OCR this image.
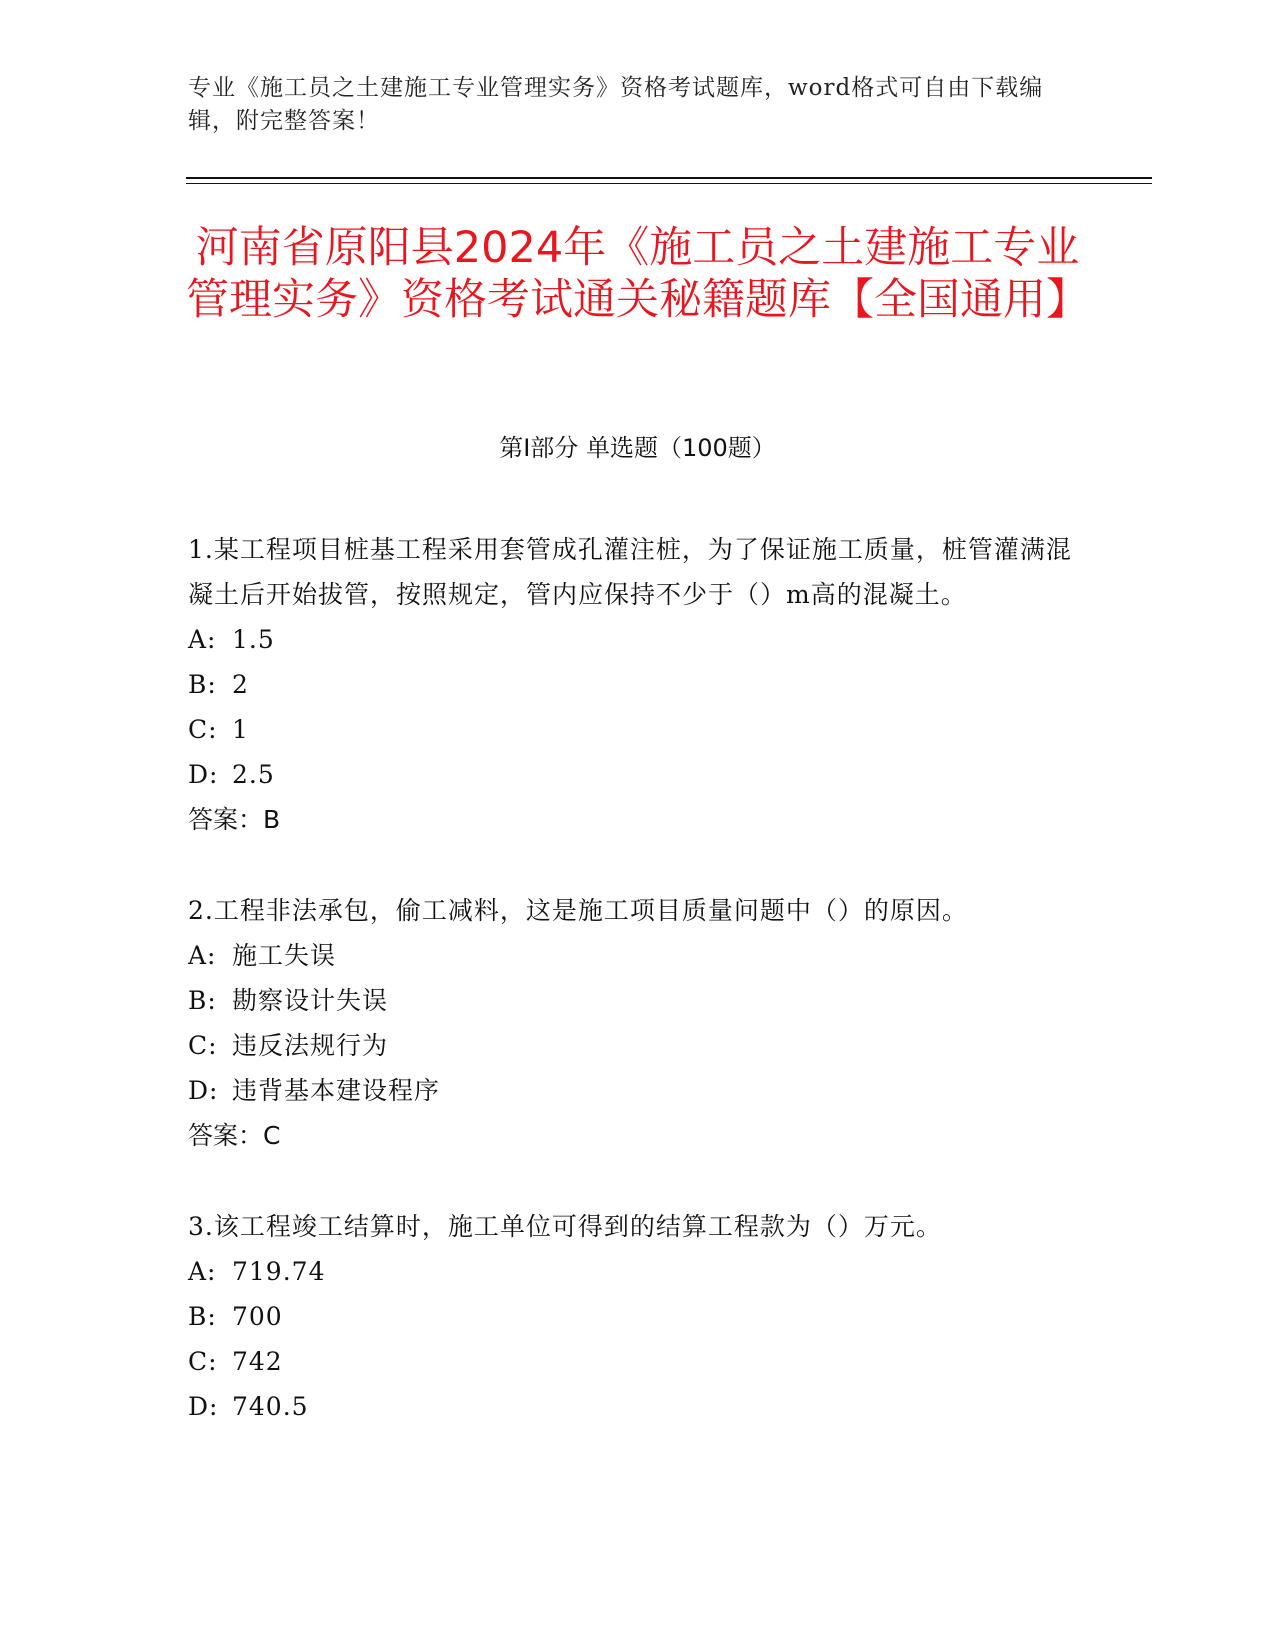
专业《施工员之土建施工专业管理实务》资格考试题库，word格式可自由下载编辑，附完整答案！
河南省原阳县2024年《施工员之土建施工专业管理实务》资格考试通关秘籍题库【全国通用】
第I部分 单选题（100题）

1.某工程项目桩基工程采用套管成孔灌注桩，为了保证施工质量，桩管灌满混凝土后开始拔管，按照规定，管内应保持不少于（）m高的混凝土。

A: 1.5

B: 2

C: 1

D: 2.5

答案：B

2.工程非法承包，偷工减料，这是施工项目质量问题中（）的原因。

A: 施工失误

B: 勘察设计失误

C: 违反法规行为

D: 违背基本建设程序

答案：C

3.该工程竣工结算时，施工单位可得到的结算工程款为（）万元。

A: 719.74

B: 700

C: 742

D: 740.5
